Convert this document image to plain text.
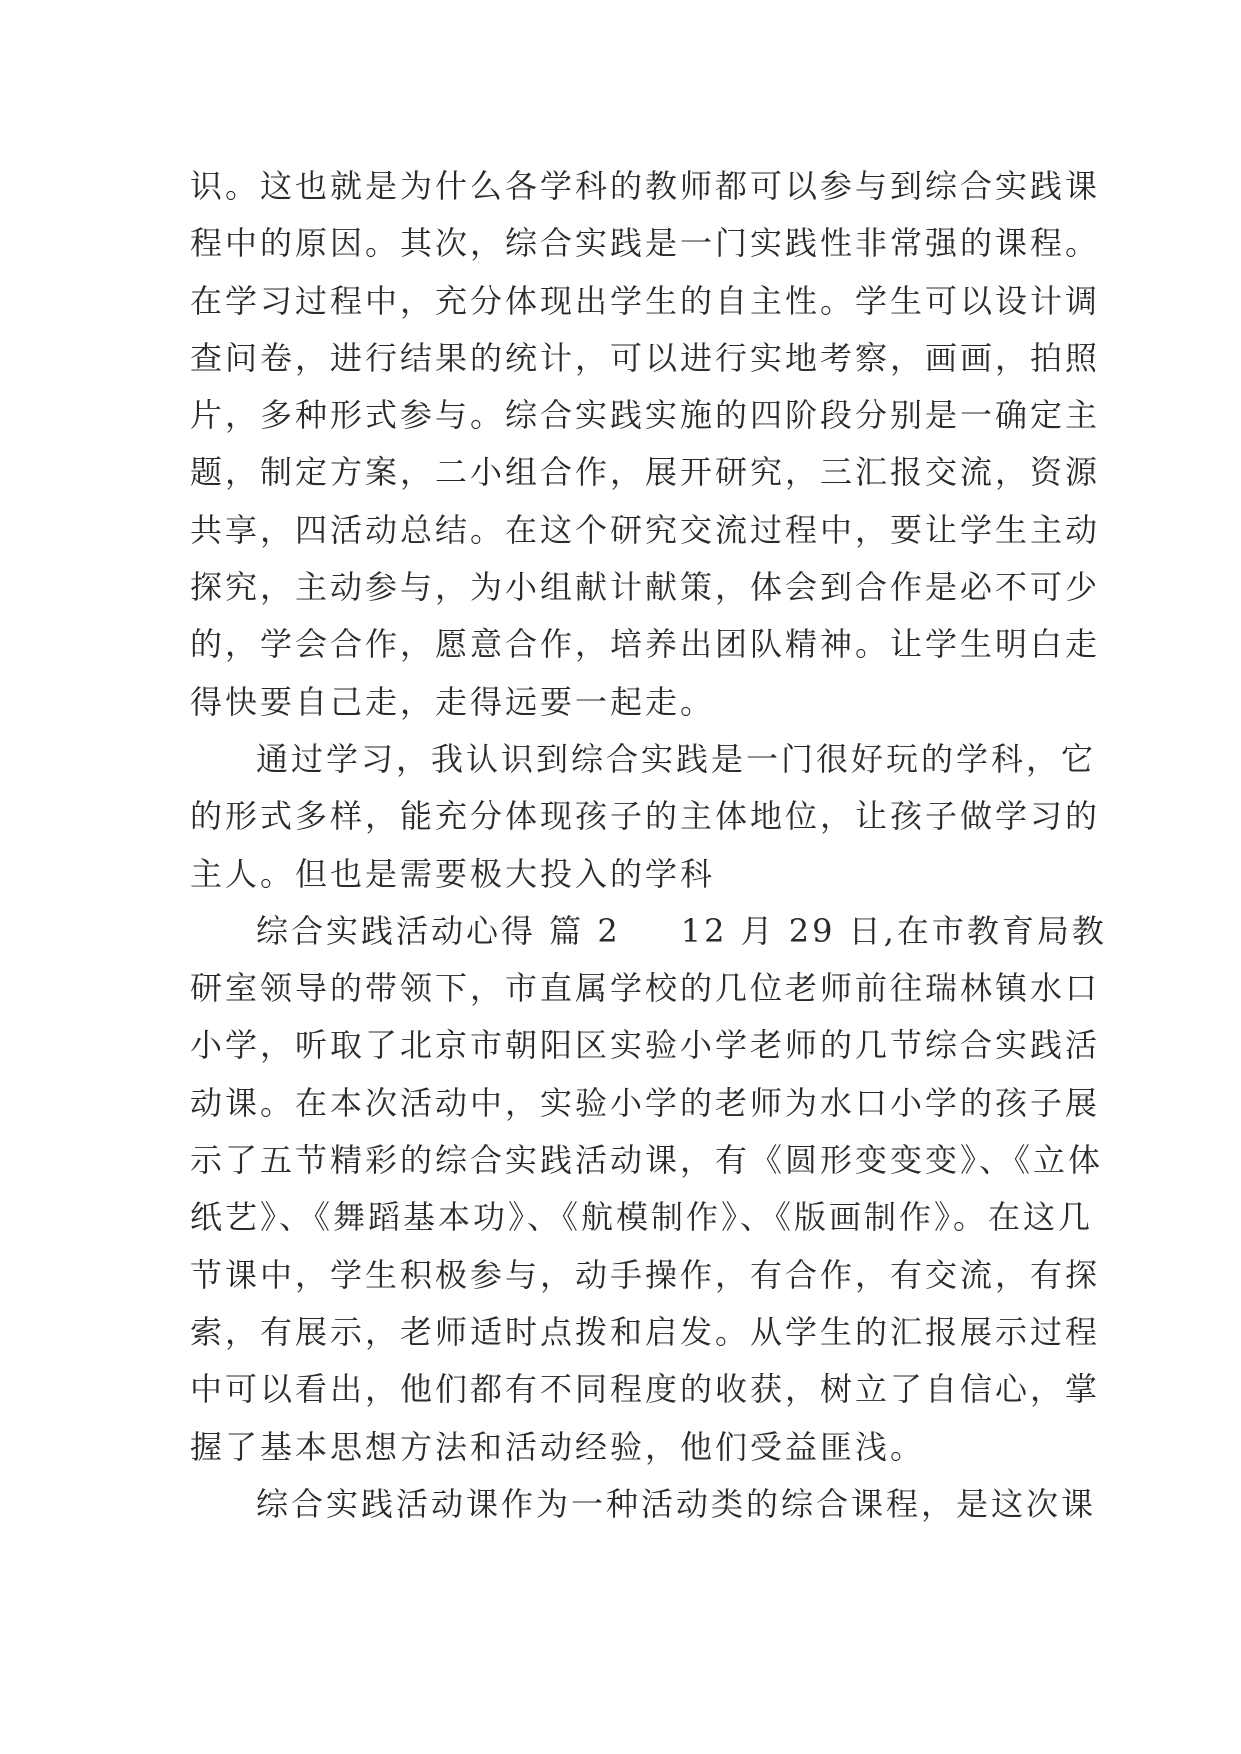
识。这也就是为什么各学科的教师都可以参与到综合实践课
程中的原因。其次，综合实践是一门实践性非常强的课程。
在学习过程中，充分体现出学生的自主性。学生可以设计调
查问卷，进行结果的统计，可以进行实地考察，画画，拍照
片，多种形式参与。综合实践实施的四阶段分别是一确定主
题，制定方案，二小组合作，展开研究，三汇报交流，资源
共享，四活动总结。在这个研究交流过程中，要让学生主动
探究，主动参与，为小组献计献策，体会到合作是必不可少
的，学会合作，愿意合作，培养出团队精神。让学生明白走
得快要自己走，走得远要一起走。
通过学习，我认识到综合实践是一门很好玩的学科，它
的形式多样，能充分体现孩子的主体地位，让孩子做学习的
主人。但也是需要极大投入的学科
综合实践活动心得 篇 2 12 月 29 日,在市教育局教
研室领导的带领下，市直属学校的几位老师前往瑞林镇水口
小学，听取了北京市朝阳区实验小学老师的几节综合实践活
动课。在本次活动中，实验小学的老师为水口小学的孩子展
示了五节精彩的综合实践活动课，有《圆形变变变》、《立体
纸艺》、《舞蹈基本功》、《航模制作》、《版画制作》。在这几
节课中，学生积极参与，动手操作，有合作，有交流，有探
索，有展示，老师适时点拨和启发。从学生的汇报展示过程
中可以看出，他们都有不同程度的收获，树立了自信心，掌
握了基本思想方法和活动经验，他们受益匪浅。
综合实践活动课作为一种活动类的综合课程，是这次课
